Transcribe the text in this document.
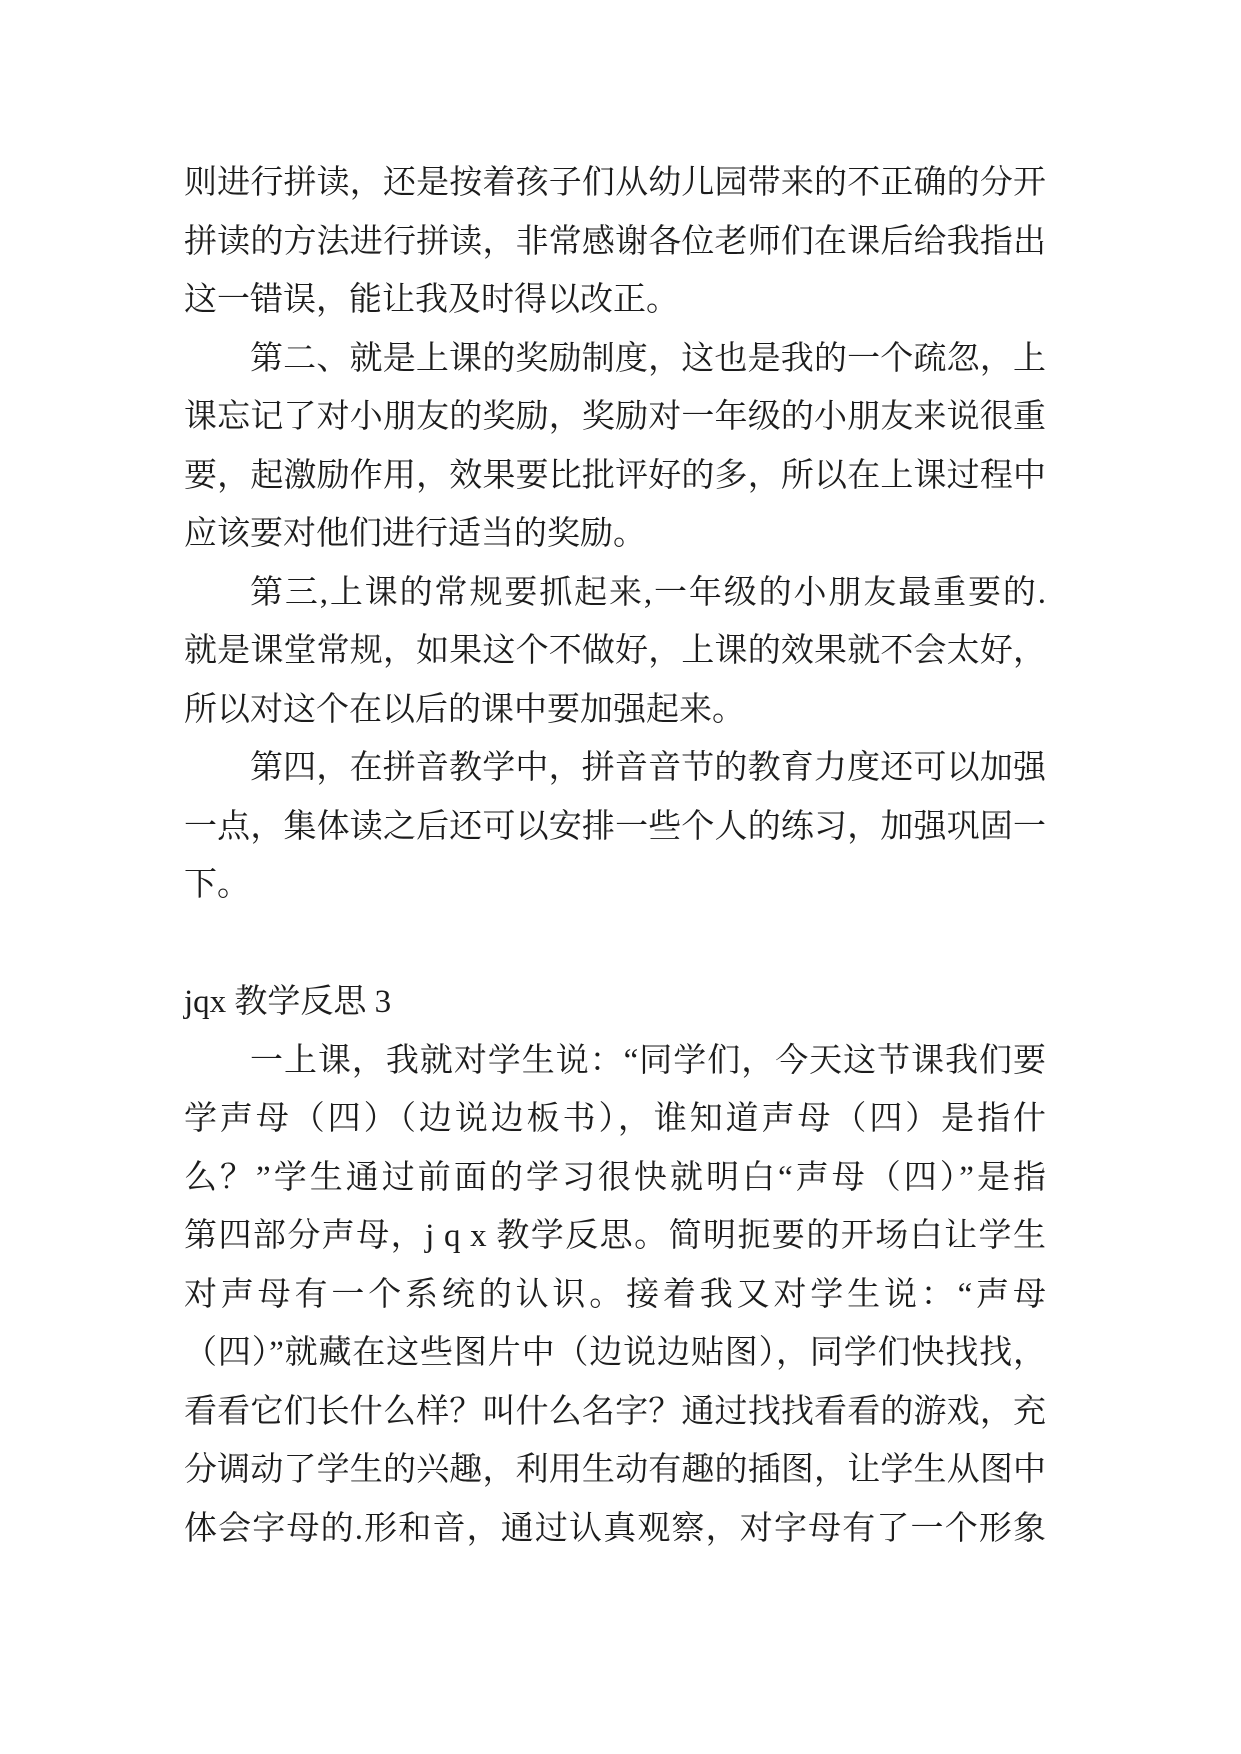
则进行拼读，还是按着孩子们从幼儿园带来的不正确的分开
拼读的方法进行拼读，非常感谢各位老师们在课后给我指出
这一错误，能让我及时得以改正。

第二、就是上课的奖励制度，这也是我的一个疏忽，上
课忘记了对小朋友的奖励，奖励对一年级的小朋友来说很重
要，起激励作用，效果要比批评好的多，所以在上课过程中
应该要对他们进行适当的奖励。

第三,上课的常规要抓起来,一年级的小朋友最重要的.
就是课堂常规，如果这个不做好，上课的效果就不会太好，
所以对这个在以后的课中要加强起来。

第四，在拼音教学中，拼音音节的教育力度还可以加强
一点，集体读之后还可以安排一些个人的练习，加强巩固一
下。

jqx 教学反思 3

一上课，我就对学生说：“同学们，今天这节课我们要
学声母（四）（边说边板书），谁知道声母（四）是指什
么？”学生通过前面的学习很快就明白“声母（四）”是指
第四部分声母，j q x 教学反思。简明扼要的开场白让学生
对声母有一个系统的认识。接着我又对学生说：“声母
（四）”就藏在这些图片中（边说边贴图），同学们快找找，
看看它们长什么样？叫什么名字？通过找找看看的游戏，充
分调动了学生的兴趣，利用生动有趣的插图，让学生从图中
体会字母的.形和音，通过认真观察，对字母有了一个形象
